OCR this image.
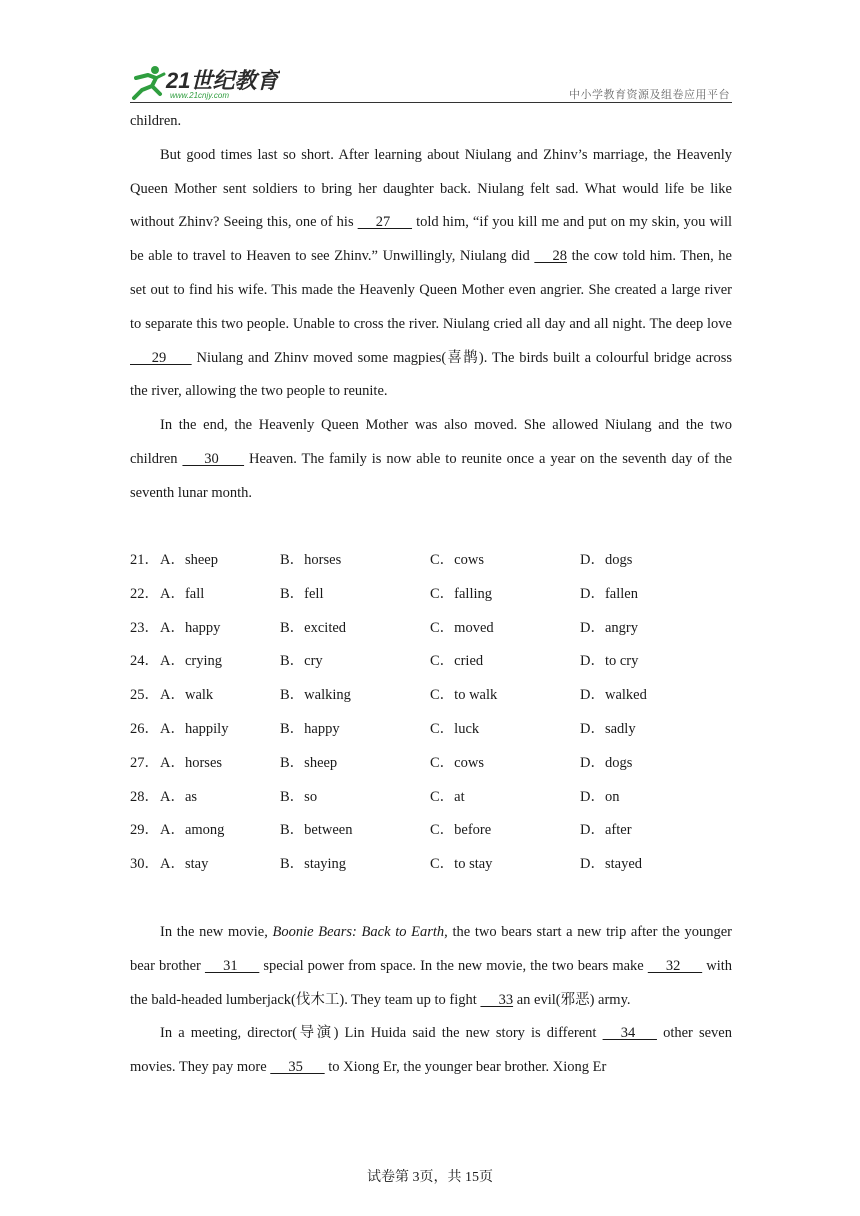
21世纪教育
www.21cnjy.com	中小学教育资源及组卷应用平台

children.

But good times last so short. After learning about Niulang and Zhinv’s marriage, the Heavenly Queen Mother sent soldiers to bring her daughter back. Niulang felt sad. What would life be like without Zhinv? Seeing this, one of his      27       told him, “if you kill me and put on my skin, you will be able to travel to Heaven to see Zhinv.” Unwillingly, Niulang did      28 the cow told him. Then, he set out to find his wife. This made the Heavenly Queen Mother even angrier. She created a large river to separate this two people. Unable to cross the river. Niulang cried all day and all night. The deep love       29        Niulang and Zhinv moved some magpies(喜鹊). The birds built a colourful bridge across the river, allowing the two people to reunite.

In the end, the Heavenly Queen Mother was also moved. She allowed Niulang and the two children       30        Heaven. The family is now able to reunite once a year on the seventh day of the seventh lunar month.

21． A．sheep	B．horses	C．cows	D．dogs
22． A．fall	B．fell	C．falling	D．fallen
23． A．happy	B．excited	C．moved	D．angry
24． A．crying	B．cry	C．cried	D．to cry
25． A．walk	B．walking	C．to walk	D．walked
26． A．happily	B．happy	C．luck	D．sadly
27． A．horses	B．sheep	C．cows	D．dogs
28． A．as	B．so	C．at	D．on
29． A．among	B．between	C．before	D．after
30． A．stay	B．staying	C．to stay	D．stayed

In the new movie, Boonie Bears: Back to Earth, the two bears start a new trip after the younger bear brother      31       special power from space. In the new movie, the two bears make      32       with the bald-headed lumberjack(伐木工). They team up to fight      33 an evil(邪恶) army.

In a meeting, director(导演) Lin Huida said the new story is different      34       other seven movies. They pay more      35       to Xiong Er, the younger bear brother. Xiong Er

试卷第 3页，共 15页
